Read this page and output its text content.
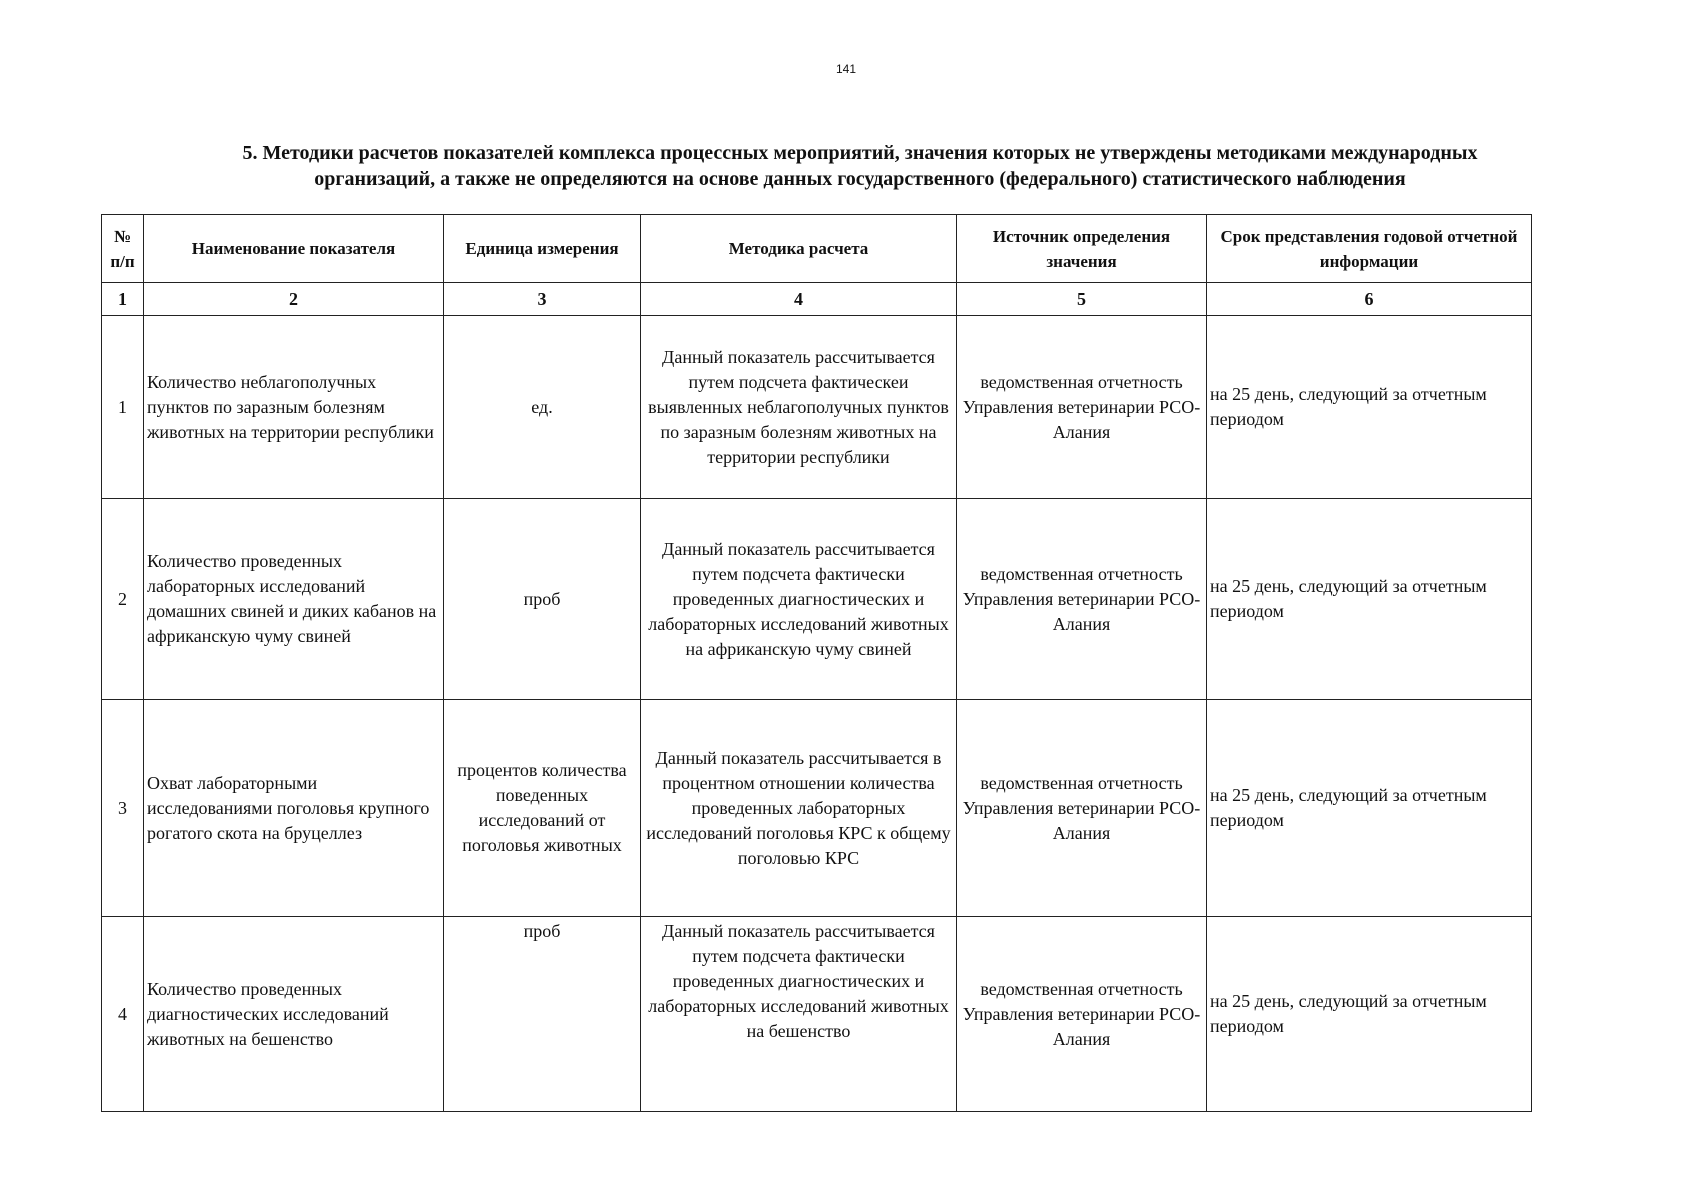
141
5. Методики расчетов показателей комплекса процессных мероприятий, значения которых не утверждены методиками международных
организаций, а также не определяются на основе данных государственного (федерального) статистического наблюдения
№ п/п	Наименование показателя	Единица измерения	Методика расчета	Источник определения значения	Срок представления годовой отчетной информации
1	2	3	4	5	6
1	Количество неблагополучных пунктов по заразным болезням животных на территории республики	ед.	Данный показатель рассчитывается путем подсчета фактическеи выявленных неблагополучных пунктов по заразным болезням животных на территории республики	ведомственная отчетность Управления ветеринарии РСО-Алания	на 25 день, следующий за отчетным периодом
2	Количество проведенных лабораторных исследований домашних свиней и диких кабанов на африканскую чуму свиней	проб	Данный показатель рассчитывается путем подсчета фактически проведенных диагностических и лабораторных исследований животных на африканскую чуму свиней	ведомственная отчетность Управления ветеринарии РСО-Алания	на 25 день, следующий за отчетным периодом
3	Охват лабораторными исследованиями поголовья крупного рогатого скота на бруцеллез	процентов количества поведенных исследований от поголовья животных	Данный показатель рассчитывается в процентном отношении количества проведенных лабораторных исследований поголовья КРС к общему поголовью КРС	ведомственная отчетность Управления ветеринарии РСО-Алания	на 25 день, следующий за отчетным периодом
4	Количество проведенных диагностических исследований животных на бешенство	проб	Данный показатель рассчитывается путем подсчета фактически проведенных диагностических и лабораторных исследований животных на бешенство	ведомственная отчетность Управления ветеринарии РСО-Алания	на 25 день, следующий за отчетным периодом
